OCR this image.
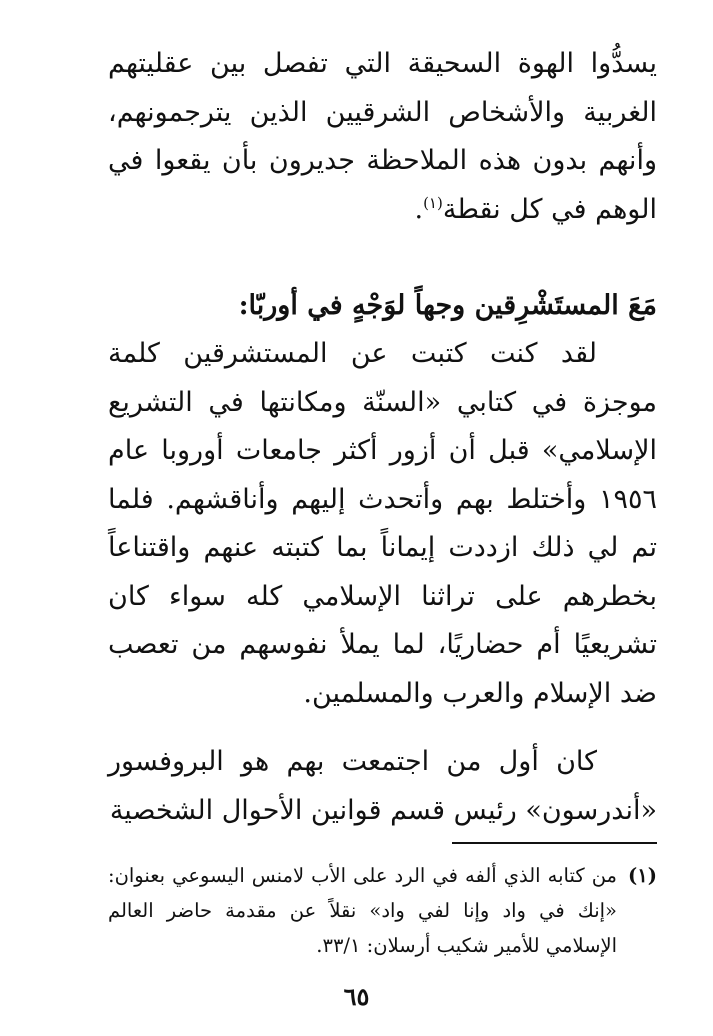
يسدُّوا الهوة السحيقة التي تفصل بين عقليتهم الغربية والأشخاص الشرقيين الذين يترجمونهم، وأنهم بدون هذه الملاحظة جديرون بأن يقعوا في الوهم في كل نقطة$^{(١)}$.

مَعَ المستَشْرِقين وجهاً لوَجْهٍ في أوربّا:

لقد كنت كتبت عن المستشرقين كلمة موجزة في كتابي «السنّة ومكانتها في التشريع الإسلامي» قبل أن أزور أكثر جامعات أوروبا عام ١٩٥٦ وأختلط بهم وأتحدث إليهم وأناقشهم. فلما تم لي ذلك ازددت إيماناً بما كتبته عنهم واقتناعاً بخطرهم على تراثنا الإسلامي كله سواء كان تشريعيًا أم حضاريًا، لما يملأ نفوسهم من تعصب ضد الإسلام والعرب والمسلمين.

كان أول من اجتمعت بهم هو البروفسور «أندرسون» رئيس قسم قوانين الأحوال الشخصية

(١)
من كتابه الذي ألفه في الرد على الأب لامنس اليسوعي بعنوان: «إنك في واد وإنا لفي واد» نقلاً عن مقدمة حاضر العالم الإسلامي للأمير شكيب أرسلان: ٣٣/١.
٦٥
